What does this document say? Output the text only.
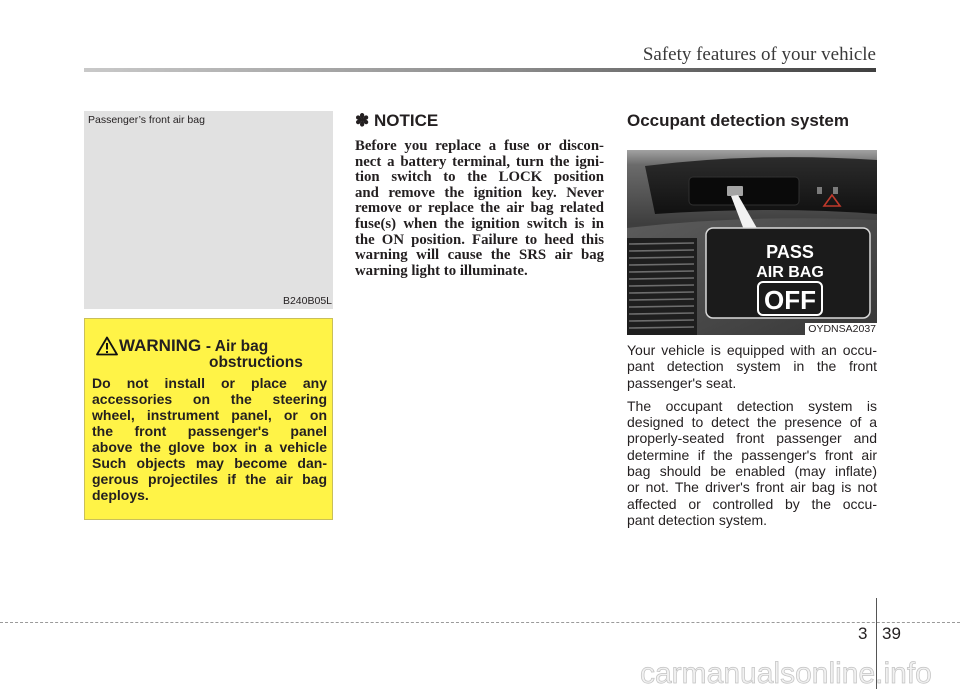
Safety features of your vehicle
Passenger’s front air bag
B240B05L
WARNING - Air bag
obstructions
Do not install or place any
accessories on the steering
wheel, instrument panel, or on
the front passenger's panel
above the glove box in a vehicle
Such objects may become dan-
gerous projectiles if the air bag
deploys.
✽ NOTICE
Before you replace a fuse or discon-
nect a battery terminal, turn the igni-
tion switch to the LOCK position
and remove the ignition key. Never
remove or replace the air bag related
fuse(s) when the ignition switch is in
the ON position. Failure to heed this
warning will cause the SRS air bag
warning light to illuminate.
Occupant detection system
PASS
AIR BAG
OFF
OYDNSA2037
Your vehicle is equipped with an occu-
pant detection system in the front
passenger's seat.
The occupant detection system is
designed to detect the presence of a
properly-seated front passenger and
determine if the passenger's front air
bag should be enabled (may inflate)
or not. The driver's front air bag is not
affected or controlled by the occu-
pant detection system.
3 39
carmanualsonline.info
